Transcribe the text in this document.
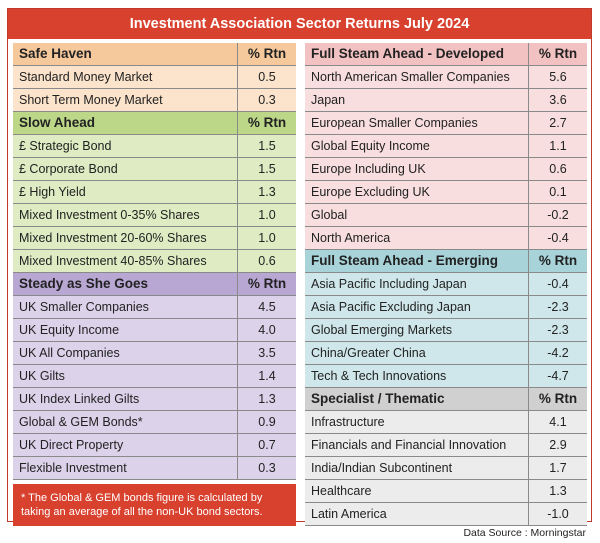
Investment Association Sector Returns July 2024
Safe Haven	% Rtn
Standard Money Market	0.5
Short Term Money Market	0.3
Slow Ahead	% Rtn
£ Strategic Bond	1.5
£ Corporate Bond	1.5
£ High Yield	1.3
Mixed Investment 0-35% Shares	1.0
Mixed Investment 20-60% Shares	1.0
Mixed Investment 40-85% Shares	0.6
Steady as She Goes	% Rtn
UK Smaller Companies	4.5
UK Equity Income	4.0
UK All Companies	3.5
UK Gilts	1.4
UK Index Linked Gilts	1.3
Global & GEM Bonds*	0.9
UK Direct Property	0.7
Flexible Investment	0.3
* The Global & GEM bonds figure is calculated by taking an average of all the non-UK bond sectors.
Full Steam Ahead - Developed	% Rtn
North American Smaller Companies	5.6
Japan	3.6
European Smaller Companies	2.7
Global Equity Income	1.1
Europe Including UK	0.6
Europe Excluding UK	0.1
Global	-0.2
North America	-0.4
Full Steam Ahead - Emerging	% Rtn
Asia Pacific Including Japan	-0.4
Asia Pacific Excluding Japan	-2.3
Global Emerging Markets	-2.3
China/Greater China	-4.2
Tech & Tech Innovations	-4.7
Specialist / Thematic	% Rtn
Infrastructure	4.1
Financials and Financial Innovation	2.9
India/Indian Subcontinent	1.7
Healthcare	1.3
Latin America	-1.0
Data Source : Morningstar
